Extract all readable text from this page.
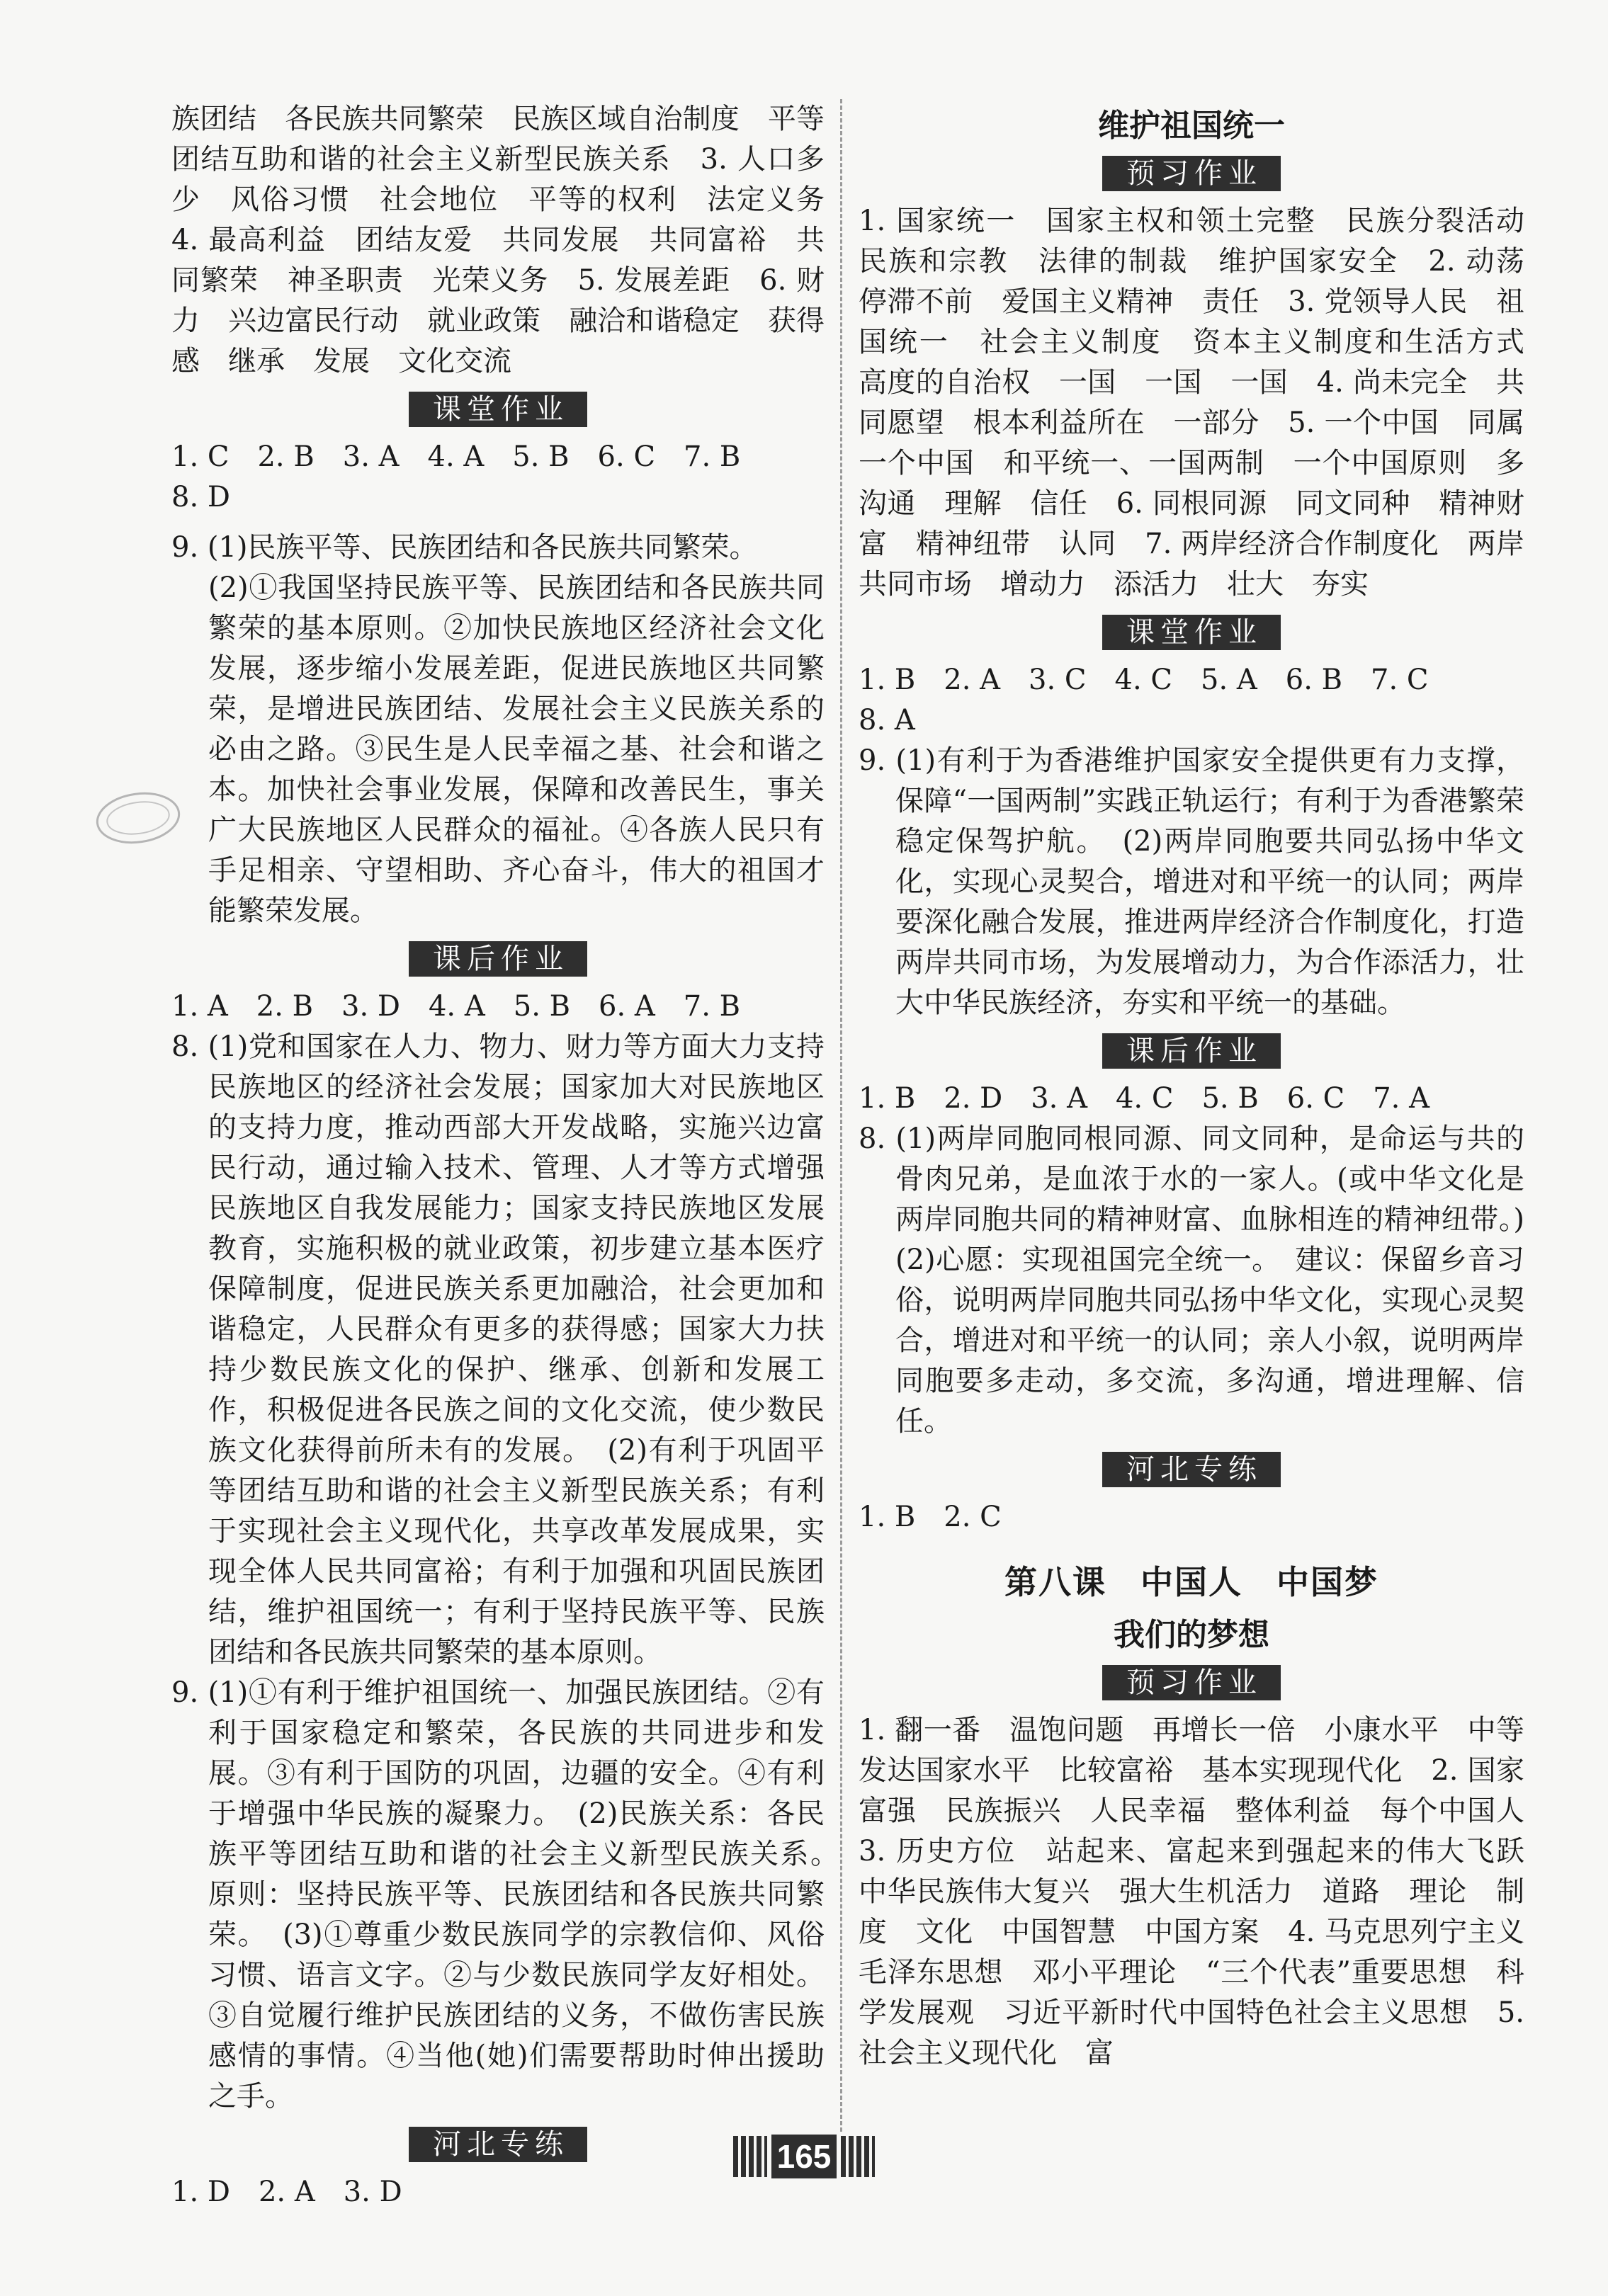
族团结　各民族共同繁荣　民族区域自治制度　平等团结互助和谐的社会主义新型民族关系　3. 人口多少　风俗习惯　社会地位　平等的权利　法定义务　4. 最高利益　团结友爱　共同发展　共同富裕　共同繁荣　神圣职责　光荣义务　5. 发展差距　6. 财力　兴边富民行动　就业政策　融洽和谐稳定　获得感　继承　发展　文化交流

课堂作业

1. C　2. B　3. A　4. A　5. B　6. C　7. B

8. D

9. (1)民族平等、民族团结和各民族共同繁荣。

(2)①我国坚持民族平等、民族团结和各民族共同繁荣的基本原则。②加快民族地区经济社会文化发展，逐步缩小发展差距，促进民族地区共同繁荣，是增进民族团结、发展社会主义民族关系的必由之路。③民生是人民幸福之基、社会和谐之本。加快社会事业发展，保障和改善民生，事关广大民族地区人民群众的福祉。④各族人民只有手足相亲、守望相助、齐心奋斗，伟大的祖国才能繁荣发展。

课后作业

1. A　2. B　3. D　4. A　5. B　6. A　7. B

8. (1)党和国家在人力、物力、财力等方面大力支持民族地区的经济社会发展；国家加大对民族地区的支持力度，推动西部大开发战略，实施兴边富民行动，通过输入技术、管理、人才等方式增强民族地区自我发展能力；国家支持民族地区发展教育，实施积极的就业政策，初步建立基本医疗保障制度，促进民族关系更加融洽，社会更加和谐稳定，人民群众有更多的获得感；国家大力扶持少数民族文化的保护、继承、创新和发展工作，积极促进各民族之间的文化交流，使少数民族文化获得前所未有的发展。　(2)有利于巩固平等团结互助和谐的社会主义新型民族关系；有利于实现社会主义现代化，共享改革发展成果，实现全体人民共同富裕；有利于加强和巩固民族团结，维护祖国统一；有利于坚持民族平等、民族团结和各民族共同繁荣的基本原则。

9. (1)①有利于维护祖国统一、加强民族团结。②有利于国家稳定和繁荣，各民族的共同进步和发展。③有利于国防的巩固，边疆的安全。④有利于增强中华民族的凝聚力。　(2)民族关系：各民族平等团结互助和谐的社会主义新型民族关系。　原则：坚持民族平等、民族团结和各民族共同繁荣。　(3)①尊重少数民族同学的宗教信仰、风俗习惯、语言文字。②与少数民族同学友好相处。③自觉履行维护民族团结的义务，不做伤害民族感情的事情。④当他(她)们需要帮助时伸出援助之手。

河北专练

1. D　2. A　3. D

维护祖国统一
预习作业

1. 国家统一　国家主权和领土完整　民族分裂活动　民族和宗教　法律的制裁　维护国家安全　2. 动荡　停滞不前　爱国主义精神　责任　3. 党领导人民　祖国统一　社会主义制度　资本主义制度和生活方式　高度的自治权　一国　一国　一国　4. 尚未完全　共同愿望　根本利益所在　一部分　5. 一个中国　同属一个中国　和平统一、一国两制　一个中国原则　多沟通　理解　信任　6. 同根同源　同文同种　精神财富　精神纽带　认同　7. 两岸经济合作制度化　两岸共同市场　增动力　添活力　壮大　夯实

课堂作业

1. B　2. A　3. C　4. C　5. A　6. B　7. C

8. A

9. (1)有利于为香港维护国家安全提供更有力支撑，保障“一国两制”实践正轨运行；有利于为香港繁荣稳定保驾护航。　(2)两岸同胞要共同弘扬中华文化，实现心灵契合，增进对和平统一的认同；两岸要深化融合发展，推进两岸经济合作制度化，打造两岸共同市场，为发展增动力，为合作添活力，壮大中华民族经济，夯实和平统一的基础。

课后作业

1. B　2. D　3. A　4. C　5. B　6. C　7. A

8. (1)两岸同胞同根同源、同文同种，是命运与共的骨肉兄弟，是血浓于水的一家人。(或中华文化是两岸同胞共同的精神财富、血脉相连的精神纽带。)　(2)心愿：实现祖国完全统一。　建议：保留乡音习俗，说明两岸同胞共同弘扬中华文化，实现心灵契合，增进对和平统一的认同；亲人小叙，说明两岸同胞要多走动，多交流，多沟通，增进理解、信任。

河北专练

1. B　2. C

第八课　中国人　中国梦
我们的梦想
预习作业

1. 翻一番　温饱问题　再增长一倍　小康水平　中等发达国家水平　比较富裕　基本实现现代化　2. 国家富强　民族振兴　人民幸福　整体利益　每个中国人　3. 历史方位　站起来、富起来到强起来的伟大飞跃　中华民族伟大复兴　强大生机活力　道路　理论　制度　文化　中国智慧　中国方案　4. 马克思列宁主义　毛泽东思想　邓小平理论　“三个代表”重要思想　科学发展观　习近平新时代中国特色社会主义思想　5. 社会主义现代化　富

165
